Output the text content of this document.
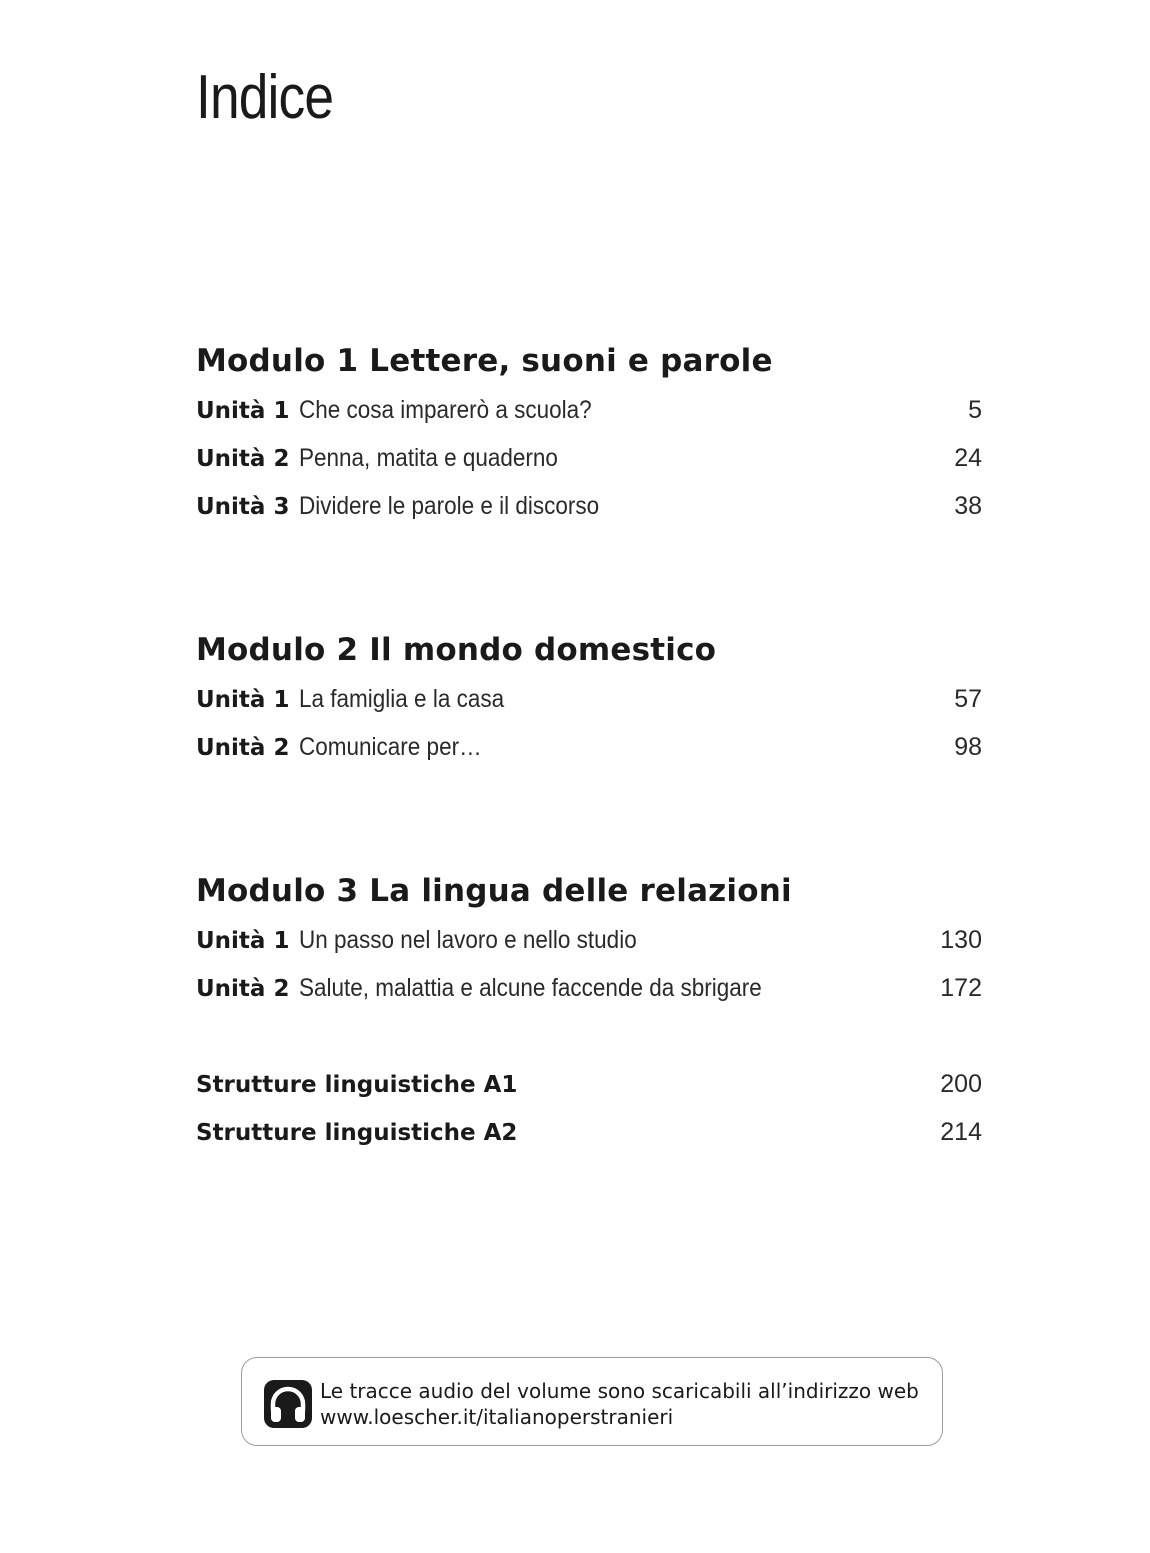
Indice
Modulo 1 Lettere, suoni e parole
Unità 1 Che cosa imparerò a scuola?	5
Unità 2 Penna, matita e quaderno	24
Unità 3 Dividere le parole e il discorso	38
Modulo 2 Il mondo domestico
Unità 1 La famiglia e la casa	57
Unità 2 Comunicare per…	98
Modulo 3 La lingua delle relazioni
Unità 1 Un passo nel lavoro e nello studio	130
Unità 2 Salute, malattia e alcune faccende da sbrigare	172
Strutture linguistiche A1	200
Strutture linguistiche A2	214
Le tracce audio del volume sono scaricabili all’indirizzo web
www.loescher.it/italianoperstranieri
